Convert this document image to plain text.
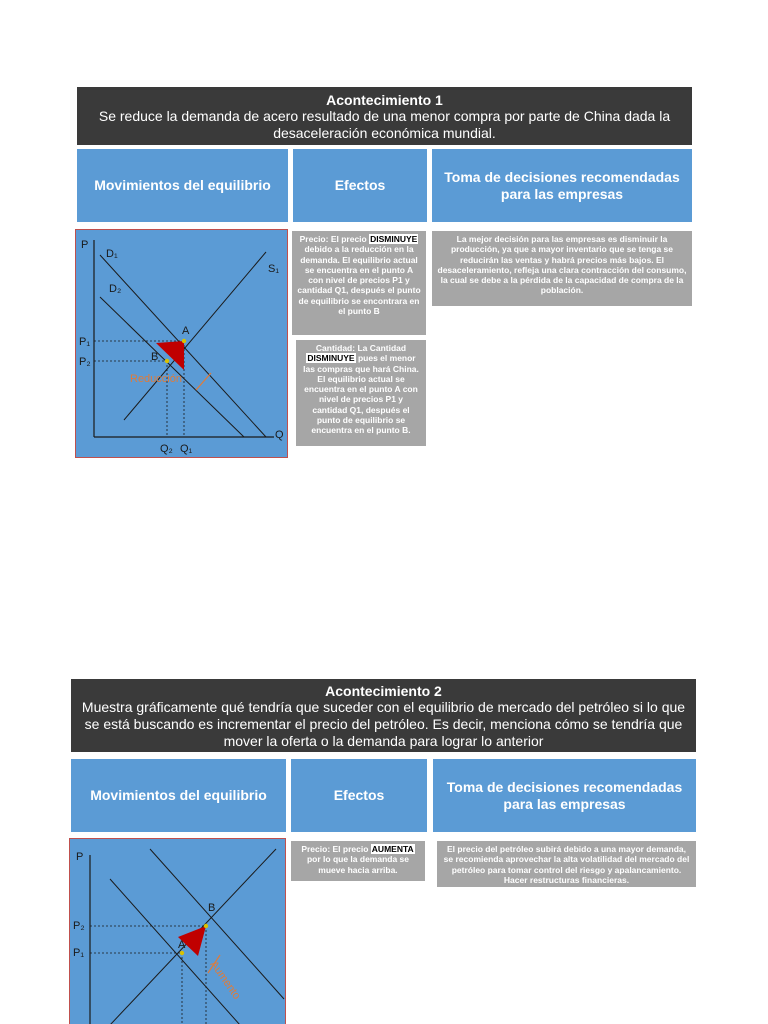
Acontecimiento 1
Se reduce la demanda de acero resultado de una menor compra por parte de China dada la desaceleración económica mundial.
Movimientos del equilibrio	Efectos
Toma de decisiones recomendadas para las empresas
P
Q
D₁
D₂
S₁
P₁
P₂
Q₁
Q₂
A
B
Reducción
Precio: El precio DISMINUYE debido a la reducción en la demanda. El equilibrio actual se encuentra en el punto A con nivel de precios P1 y cantidad Q1, después el punto de equilibrio se encontrara en el punto B
Cantidad: La Cantidad DISMINUYE pues el menor las compras que hará China. El equilibrio actual se encuentra en el punto A con nivel de precios P1 y cantidad Q1, después el punto de equilibrio se encuentra en el punto B.
La mejor decisión para las empresas es disminuir la producción, ya que a mayor inventario que se tenga se reducirán las ventas y habrá precios más bajos. El desaceleramiento, refleja una clara contracción del consumo, la cual se debe a la pérdida de la capacidad de compra de la población.
Acontecimiento 2
Muestra gráficamente qué tendría que suceder con el equilibrio de mercado del petróleo si lo que se está buscando es incrementar el precio del petróleo. Es decir, menciona cómo se tendría que mover la oferta o la demanda para lograr lo anterior
Movimientos del equilibrio	Efectos
Toma de decisiones recomendadas para las empresas
P
P₂
P₁
B
A
Aumento
Precio: El precio AUMENTA por lo que la demanda se mueve hacia arriba.
El precio del petróleo subirá debido a una mayor demanda, se recomienda aprovechar la alta volatilidad del mercado del petróleo para tomar control del riesgo y apalancamiento. Hacer restructuras financieras.
